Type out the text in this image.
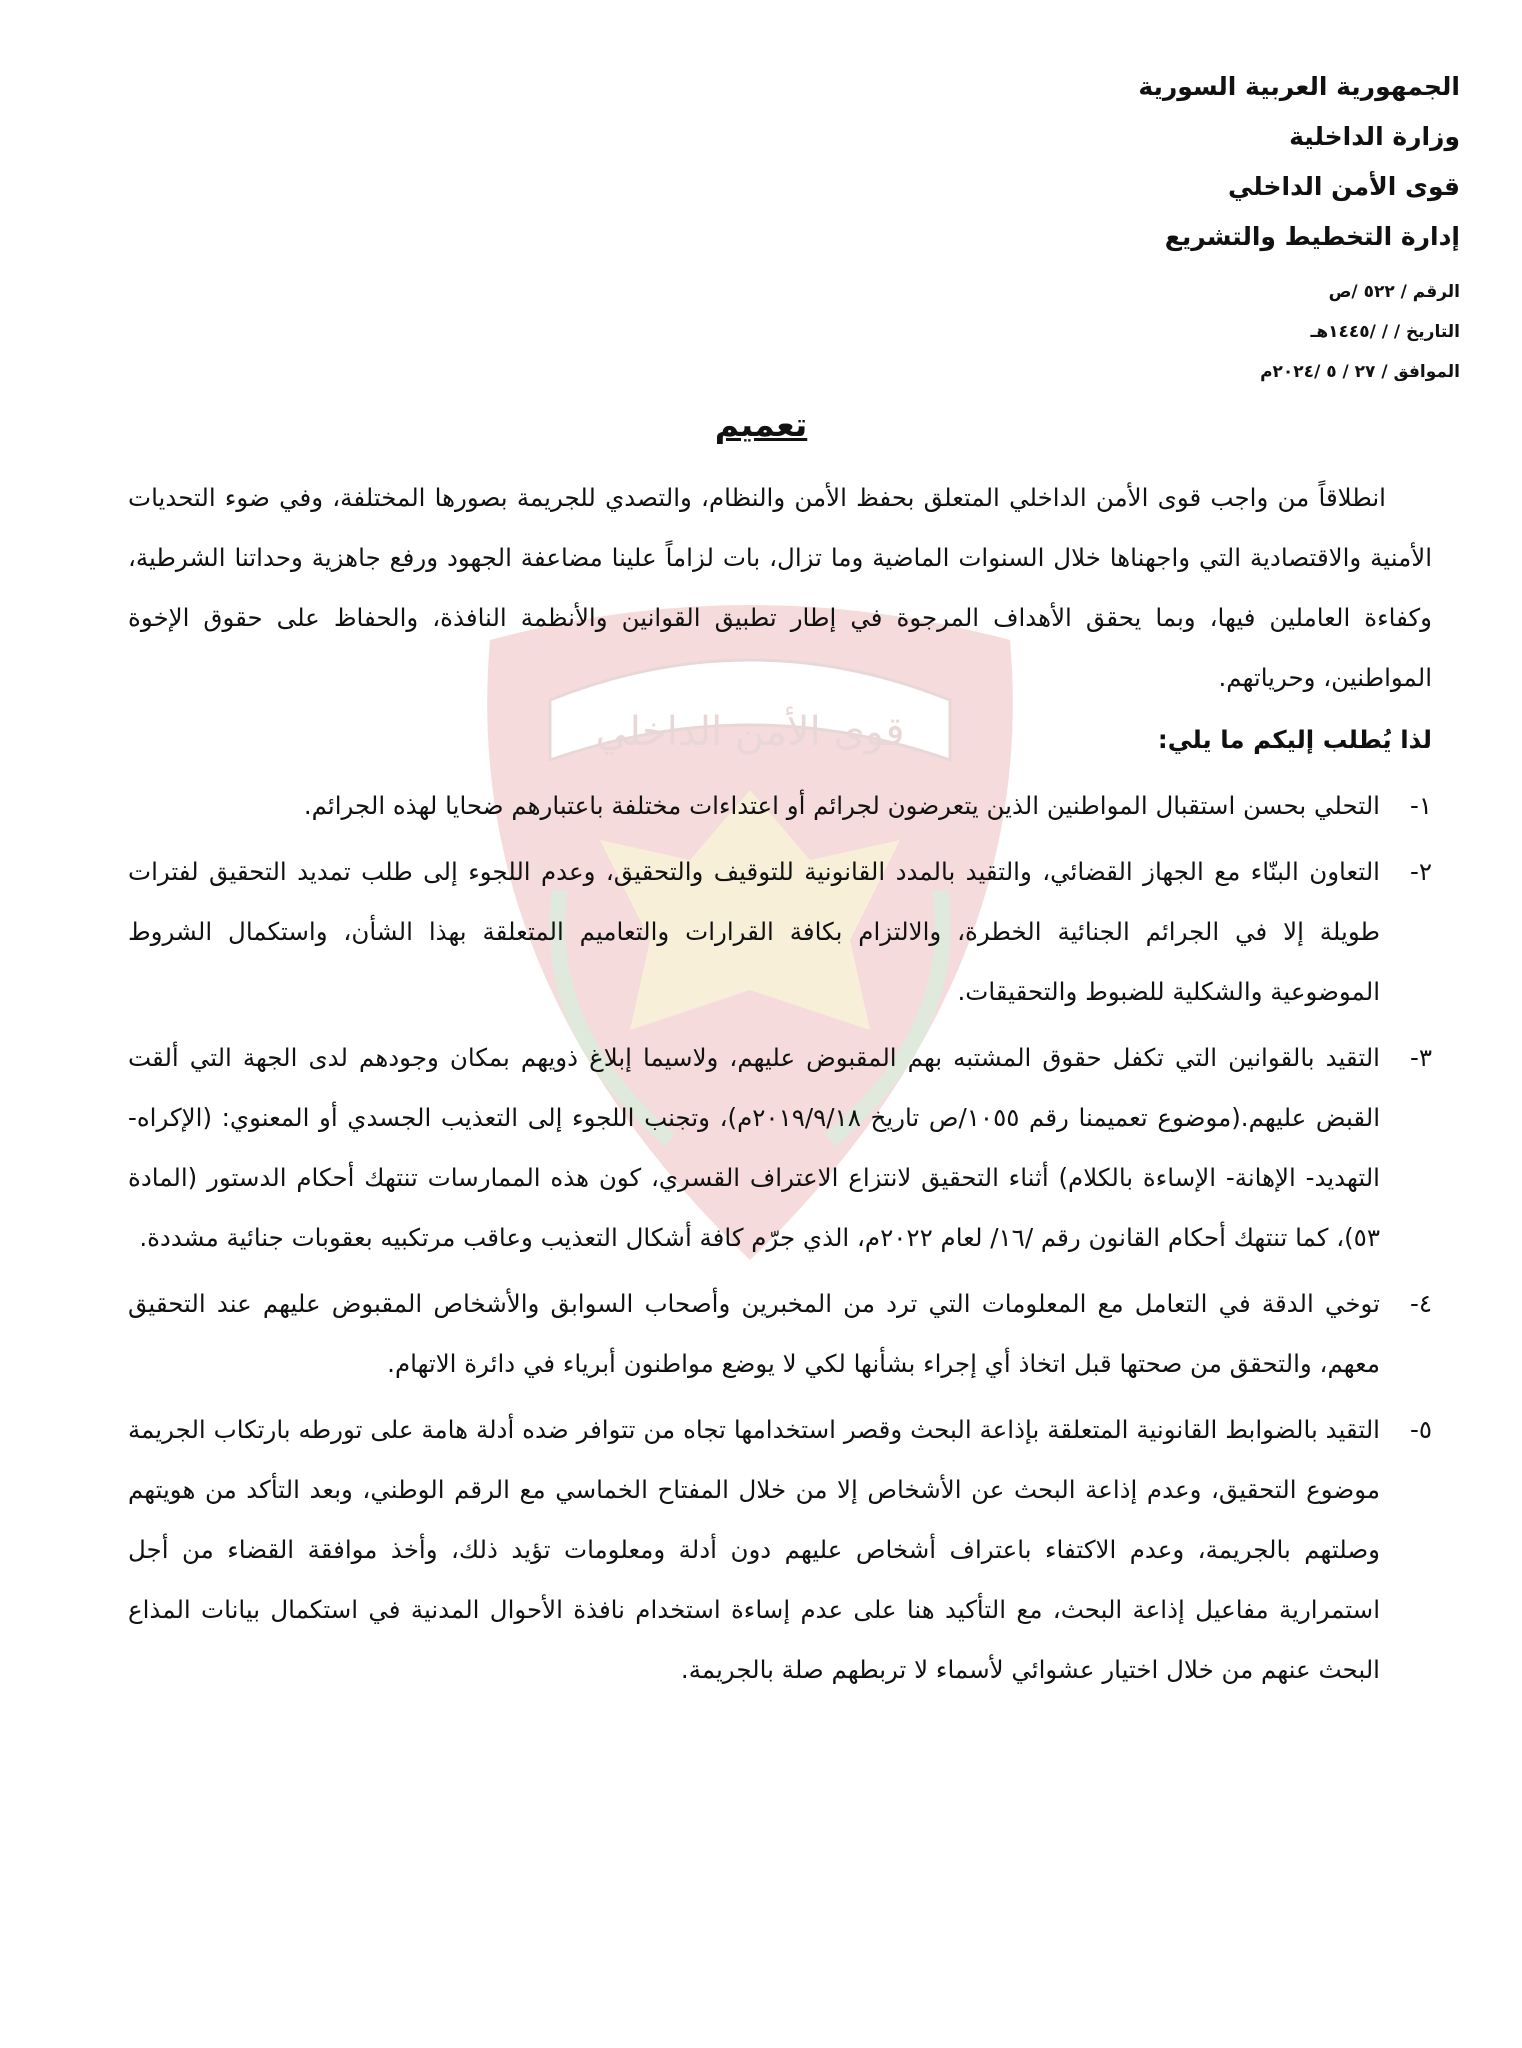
قوى الأمن الداخلي
الجمهورية العربية السورية
وزارة الداخلية
قوى الأمن الداخلي
إدارة التخطيط والتشريع
الرقم / ٥٢٢ /ص
التاريخ / / /١٤٤٥هـ
الموافق / ٢٧ / ٥ /٢٠٢٤م
تعميم

انطلاقاً من واجب قوى الأمن الداخلي المتعلق بحفظ الأمن والنظام، والتصدي للجريمة بصورها المختلفة، وفي ضوء التحديات الأمنية والاقتصادية التي واجهناها خلال السنوات الماضية وما تزال، بات لزاماً علينا مضاعفة الجهود ورفع جاهزية وحداتنا الشرطية، وكفاءة العاملين فيها، وبما يحقق الأهداف المرجوة في إطار تطبيق القوانين والأنظمة النافذة، والحفاظ على حقوق الإخوة المواطنين، وحرياتهم.

لذا يُطلب إليكم ما يلي:

١-
التحلي بحسن استقبال المواطنين الذين يتعرضون لجرائم أو اعتداءات مختلفة باعتبارهم ضحايا لهذه الجرائم.
٢-
التعاون البنّاء مع الجهاز القضائي، والتقيد بالمدد القانونية للتوقيف والتحقيق، وعدم اللجوء إلى طلب تمديد التحقيق لفترات طويلة إلا في الجرائم الجنائية الخطرة، والالتزام بكافة القرارات والتعاميم المتعلقة بهذا الشأن، واستكمال الشروط الموضوعية والشكلية للضبوط والتحقيقات.
٣-
التقيد بالقوانين التي تكفل حقوق المشتبه بهم المقبوض عليهم، ولاسيما إبلاغ ذويهم بمكان وجودهم لدى الجهة التي ألقت القبض عليهم.(موضوع تعميمنا رقم ١٠٥٥/ص تاريخ ٢٠١٩/٩/١٨م)، وتجنب اللجوء إلى التعذيب الجسدي أو المعنوي: (الإكراه- التهديد- الإهانة- الإساءة بالكلام) أثناء التحقيق لانتزاع الاعتراف القسري، كون هذه الممارسات تنتهك أحكام الدستور (المادة ٥٣)، كما تنتهك أحكام القانون رقم /١٦/ لعام ٢٠٢٢م، الذي جرّم كافة أشكال التعذيب وعاقب مرتكبيه بعقوبات جنائية مشددة.
٤-
توخي الدقة في التعامل مع المعلومات التي ترد من المخبرين وأصحاب السوابق والأشخاص المقبوض عليهم عند التحقيق معهم، والتحقق من صحتها قبل اتخاذ أي إجراء بشأنها لكي لا يوضع مواطنون أبرياء في دائرة الاتهام.
٥-
التقيد بالضوابط القانونية المتعلقة بإذاعة البحث وقصر استخدامها تجاه من تتوافر ضده أدلة هامة على تورطه بارتكاب الجريمة موضوع التحقيق، وعدم إذاعة البحث عن الأشخاص إلا من خلال المفتاح الخماسي مع الرقم الوطني، وبعد التأكد من هويتهم وصلتهم بالجريمة، وعدم الاكتفاء باعتراف أشخاص عليهم دون أدلة ومعلومات تؤيد ذلك، وأخذ موافقة القضاء من أجل استمرارية مفاعيل إذاعة البحث، مع التأكيد هنا على عدم إساءة استخدام نافذة الأحوال المدنية في استكمال بيانات المذاع البحث عنهم من خلال اختيار عشوائي لأسماء لا تربطهم صلة بالجريمة.
